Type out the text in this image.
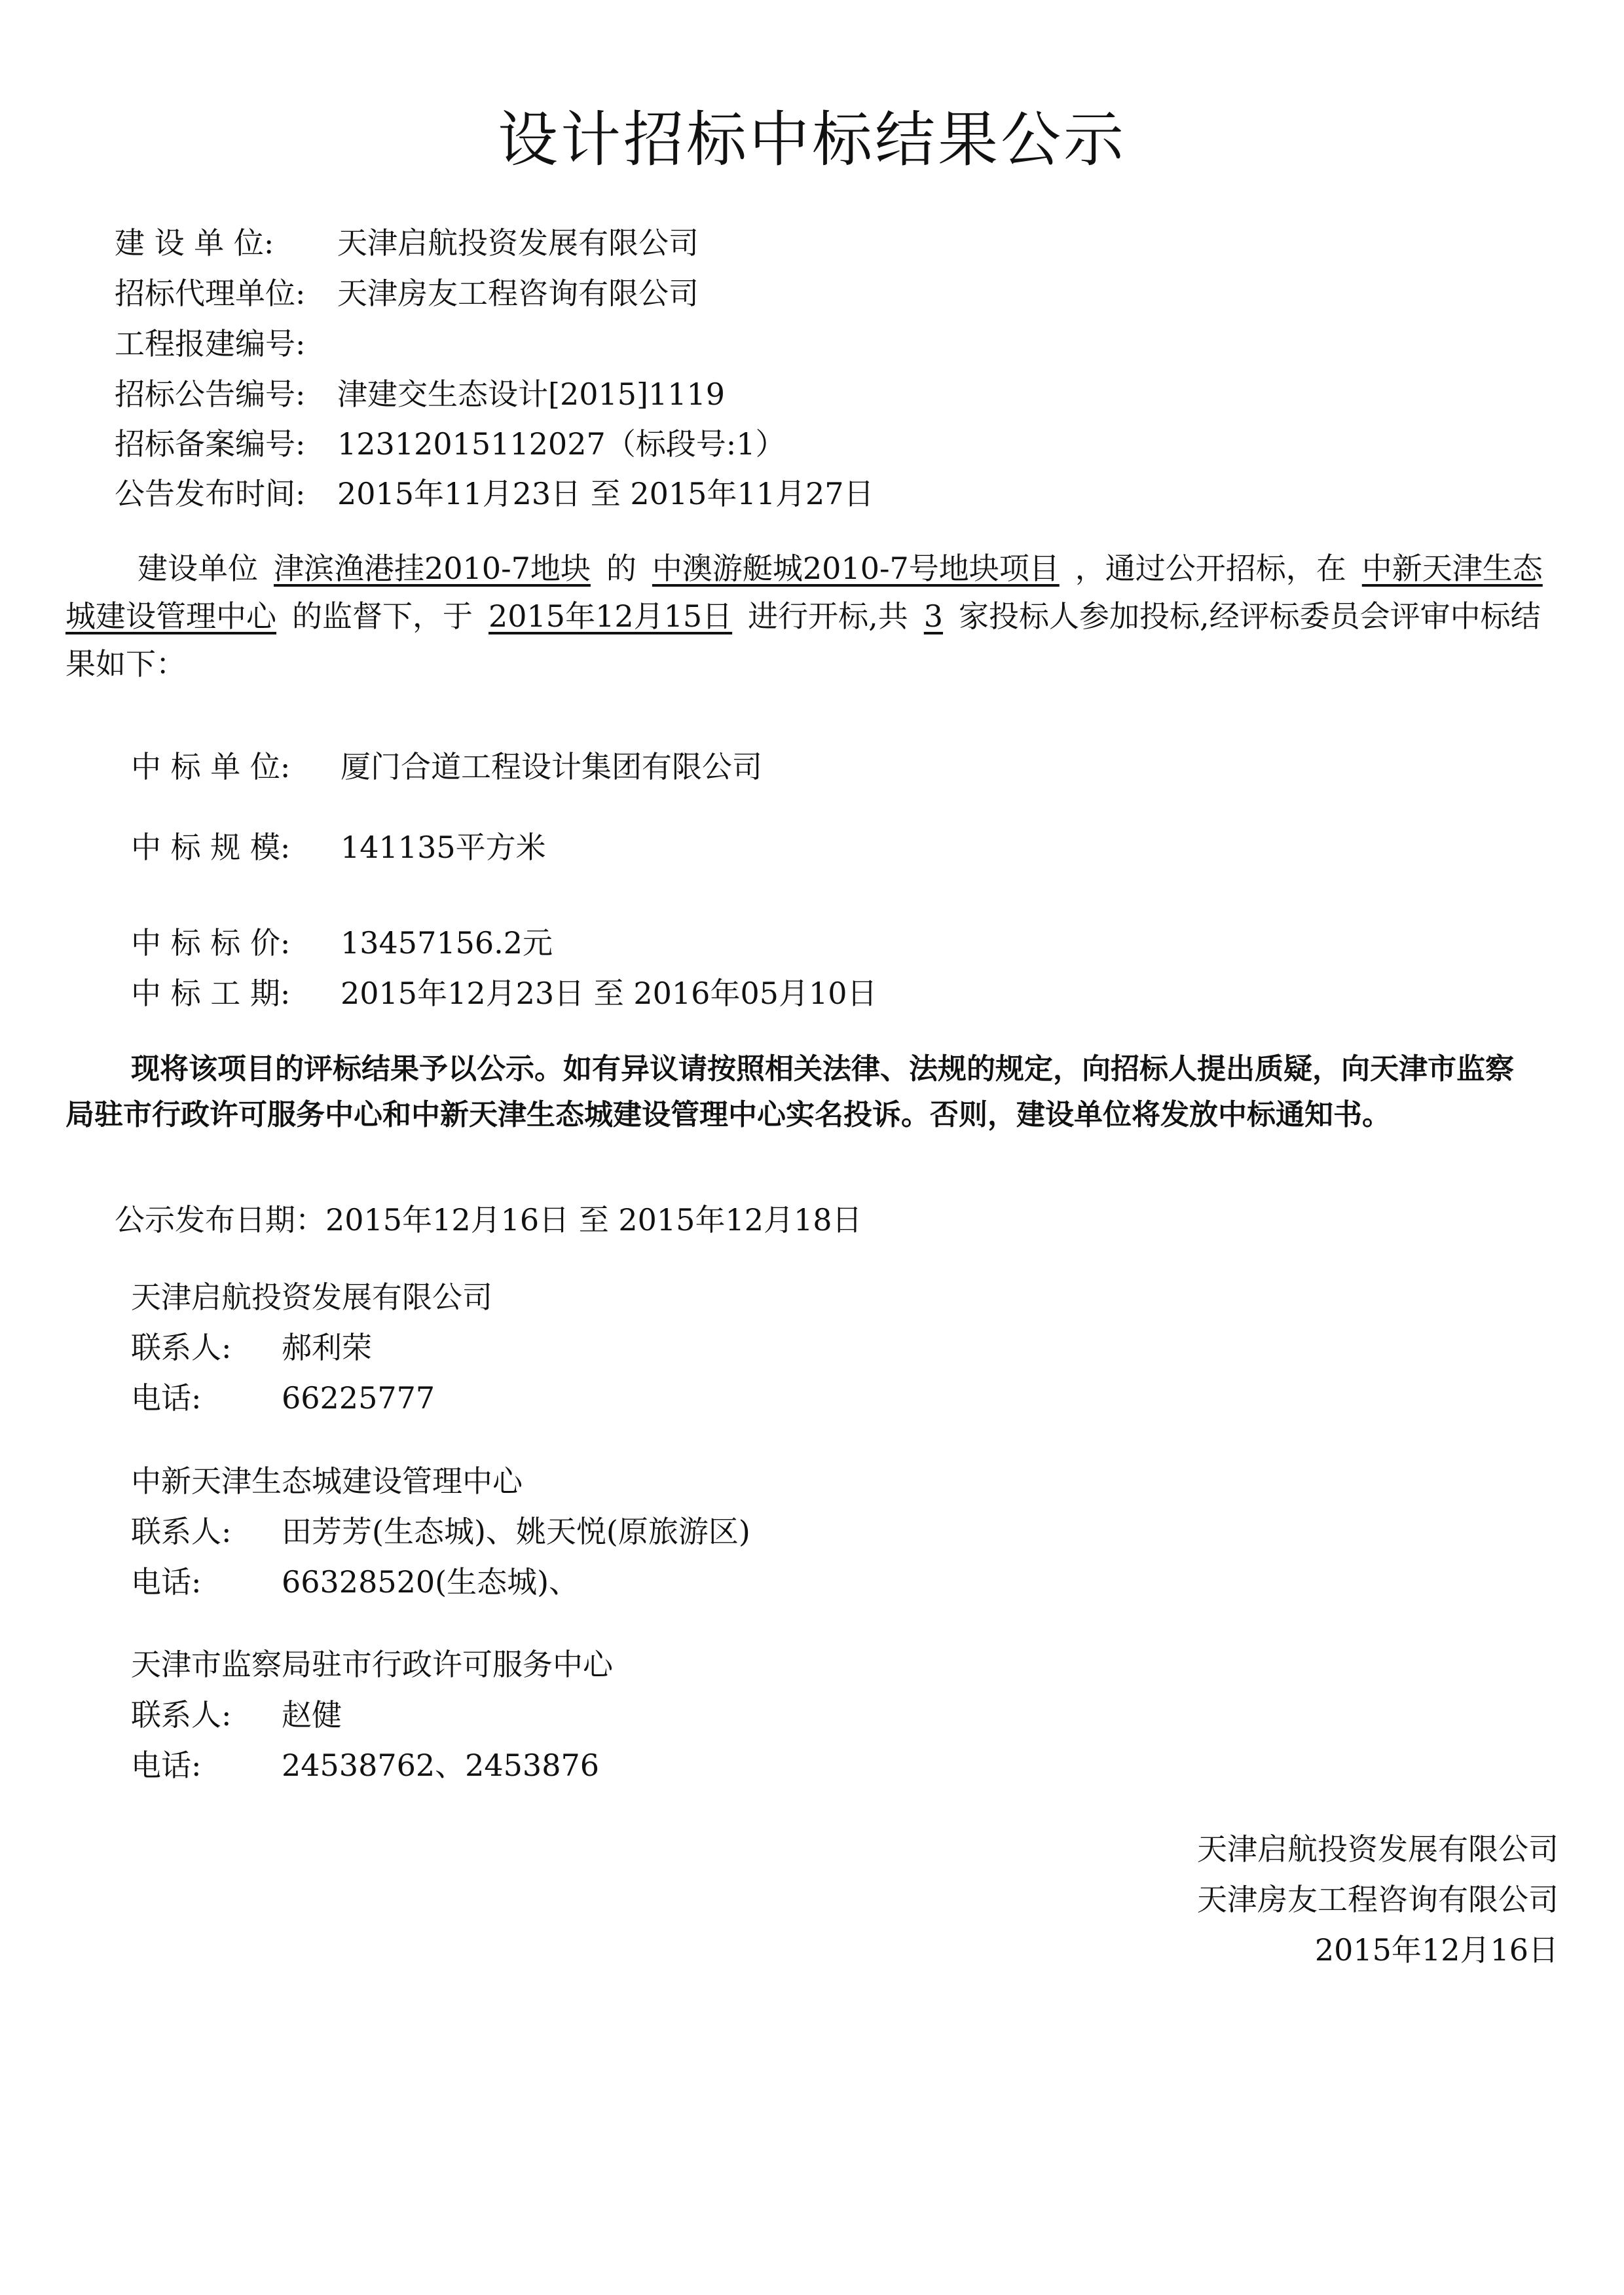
设计招标中标结果公示
建 设 单 位: 天津启航投资发展有限公司
招标代理单位: 天津房友工程咨询有限公司
工程报建编号:
招标公告编号: 津建交生态设计[2015]1119
招标备案编号: 12312015112027（标段号:1）
公告发布时间: 2015年11月23日 至 2015年11月27日
建设单位 津滨渔港挂2010-7地块 的 中澳游艇城2010-7号地块项目 ，通过公开招标，在 中新天津生态城建设管理中心 的监督下，于 2015年12月15日 进行开标,共 3 家投标人参加投标,经评标委员会评审中标结果如下：
中 标 单 位: 厦门合道工程设计集团有限公司
中 标 规 模: 141135平方米
中 标 标 价: 13457156.2元
中 标 工 期: 2015年12月23日 至 2016年05月10日
现将该项目的评标结果予以公示。如有异议请按照相关法律、法规的规定，向招标人提出质疑，向天津市监察局驻市行政许可服务中心和中新天津生态城建设管理中心实名投诉。否则，建设单位将发放中标通知书。
公示发布日期：2015年12月16日 至 2015年12月18日
天津启航投资发展有限公司
联系人: 郝利荣
电话:	66225777
中新天津生态城建设管理中心
联系人: 田芳芳(生态城)、姚天悦(原旅游区)
电话:	66328520(生态城)、
天津市监察局驻市行政许可服务中心
联系人: 赵健
电话:	24538762、2453876
天津启航投资发展有限公司
天津房友工程咨询有限公司
2015年12月16日
